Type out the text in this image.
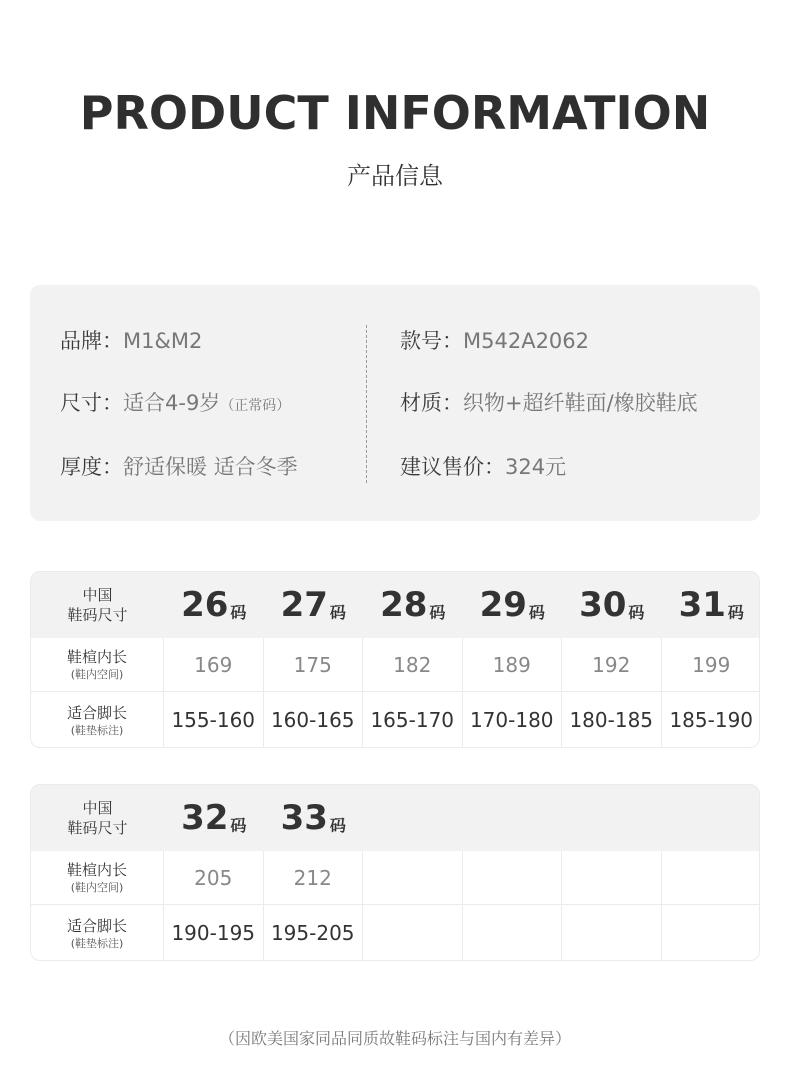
PRODUCT INFORMATION
产品信息
品牌：M1&M2	款号：M542A2062
尺寸：适合4-9岁（正常码）	材质：织物+超纤鞋面/橡胶鞋底
厚度：舒适保暖 适合冬季	建议售价：324元
中国
鞋码尺寸 26 码 27 码 28 码 29 码 30 码 31 码
鞋楦内长
(鞋内空间)	169	175	182	189	192	199
适合脚长
(鞋垫标注) 155-160 160-165 165-170 170-180 180-185 185-190
中国
鞋码尺寸 32 码 33 码
鞋楦内长
(鞋内空间)	205	212
适合脚长
(鞋垫标注) 190-195 195-205
（因欧美国家同品同质故鞋码标注与国内有差异）
